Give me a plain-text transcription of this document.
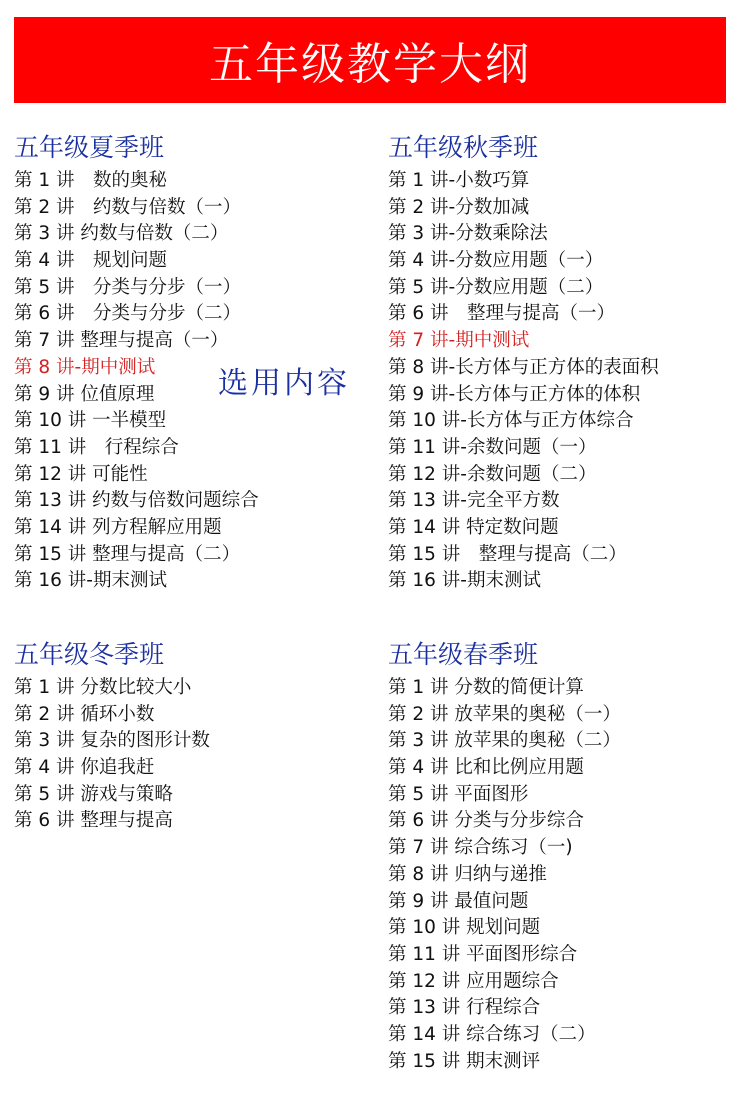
五年级教学大纲
五年级夏季班
第 1 讲　数的奥秘
第 2 讲　约数与倍数（一）
第 3 讲 约数与倍数（二）
第 4 讲　规划问题
第 5 讲　分类与分步（一）
第 6 讲　分类与分步（二）
第 7 讲 整理与提高（一）
第 8 讲-期中测试
第 9 讲 位值原理
第 10 讲 一半模型
第 11 讲　行程综合
第 12 讲 可能性
第 13 讲 约数与倍数问题综合
第 14 讲 列方程解应用题
第 15 讲 整理与提高（二）
第 16 讲-期末测试
五年级秋季班
第 1 讲-小数巧算
第 2 讲-分数加减
第 3 讲-分数乘除法
第 4 讲-分数应用题（一）
第 5 讲-分数应用题（二）
第 6 讲　整理与提高（一）
第 7 讲-期中测试
第 8 讲-长方体与正方体的表面积
第 9 讲-长方体与正方体的体积
第 10 讲-长方体与正方体综合
第 11 讲-余数问题（一）
第 12 讲-余数问题（二）
第 13 讲-完全平方数
第 14 讲 特定数问题
第 15 讲　整理与提高（二）
第 16 讲-期末测试
五年级冬季班
第 1 讲 分数比较大小
第 2 讲 循环小数
第 3 讲 复杂的图形计数
第 4 讲 你追我赶
第 5 讲 游戏与策略
第 6 讲 整理与提高
五年级春季班
第 1 讲 分数的简便计算
第 2 讲 放苹果的奥秘（一）
第 3 讲 放苹果的奥秘（二）
第 4 讲 比和比例应用题
第 5 讲 平面图形
第 6 讲 分类与分步综合
第 7 讲 综合练习（一)
第 8 讲 归纳与递推
第 9 讲 最值问题
第 10 讲 规划问题
第 11 讲 平面图形综合
第 12 讲 应用题综合
第 13 讲 行程综合
第 14 讲 综合练习（二）
第 15 讲 期末测评
选用内容
